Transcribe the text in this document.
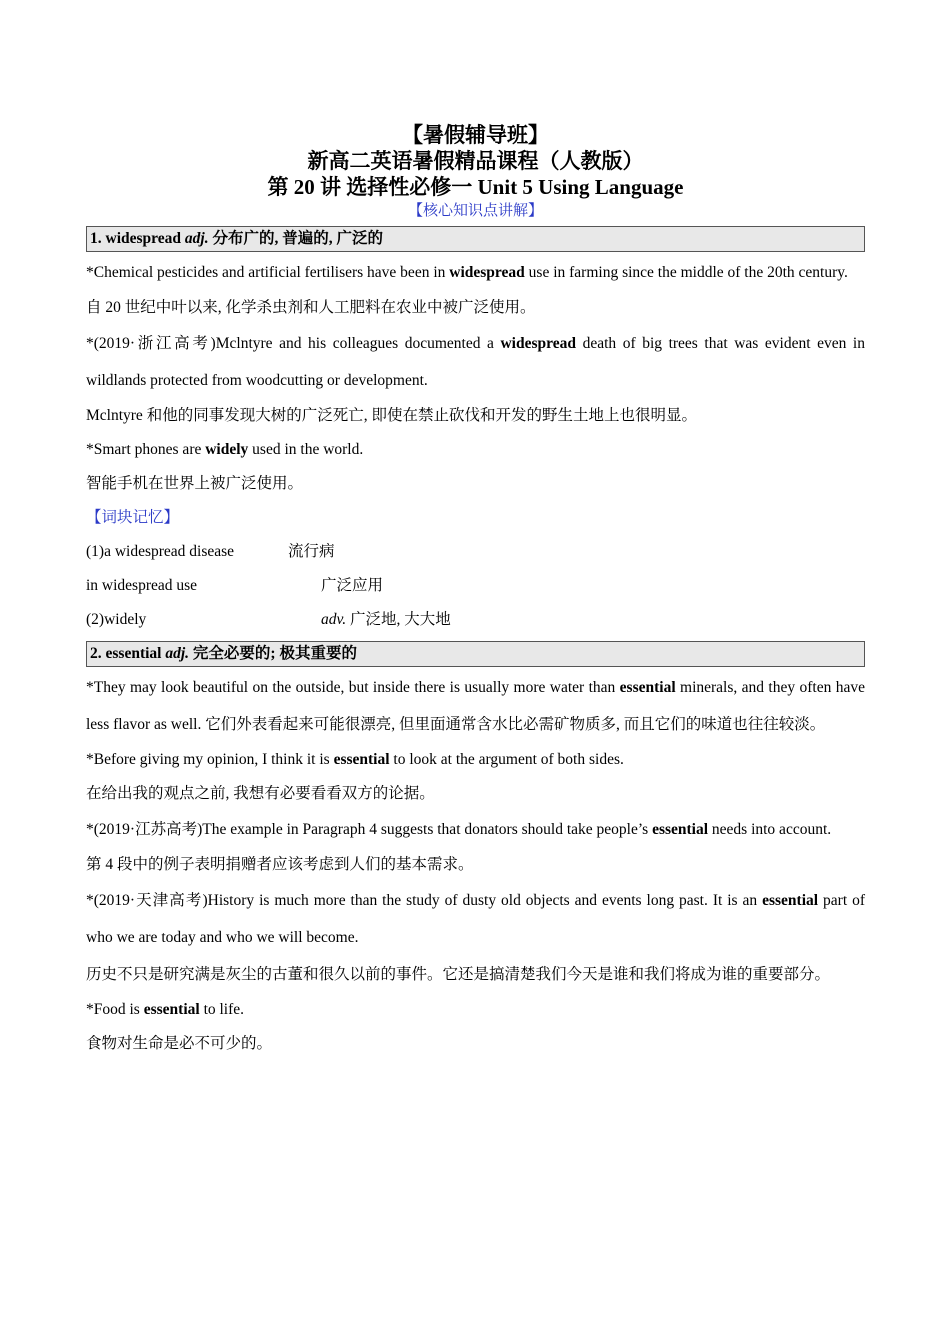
【暑假辅导班】
新高二英语暑假精品课程（人教版）
第 20 讲 选择性必修一 Unit 5 Using Language
【核心知识点讲解】
1. widespread adj. 分布广的, 普遍的, 广泛的

*Chemical pesticides and artificial fertilisers have been in widespread use in farming since the middle of the 20th century.

自 20 世纪中叶以来, 化学杀虫剂和人工肥料在农业中被广泛使用。

*(2019·浙江高考)Mclntyre and his colleagues documented a widespread death of big trees that was evident even in wildlands protected from woodcutting or development.

Mclntyre 和他的同事发现大树的广泛死亡, 即使在禁止砍伐和开发的野生土地上也很明显。

*Smart phones are widely used in the world.

智能手机在世界上被广泛使用。

【词块记忆】
(1)a widespread disease	流行病
in widespread use	广泛应用
(2)widely	adv. 广泛地, 大大地
2. essential adj. 完全必要的; 极其重要的

*They may look beautiful on the outside, but inside there is usually more water than essential minerals, and they often have less flavor as well. 它们外表看起来可能很漂亮, 但里面通常含水比必需矿物质多, 而且它们的味道也往往较淡。

*Before giving my opinion, I think it is essential to look at the argument of both sides.

在给出我的观点之前, 我想有必要看看双方的论据。

*(2019·江苏高考)The example in Paragraph 4 suggests that donators should take people’s essential needs into account.

第 4 段中的例子表明捐赠者应该考虑到人们的基本需求。

*(2019·天津高考)History is much more than the study of dusty old objects and events long past. It is an essential part of who we are today and who we will become.

历史不只是研究满是灰尘的古董和很久以前的事件。它还是搞清楚我们今天是谁和我们将成为谁的重要部分。

*Food is essential to life.

食物对生命是必不可少的。
